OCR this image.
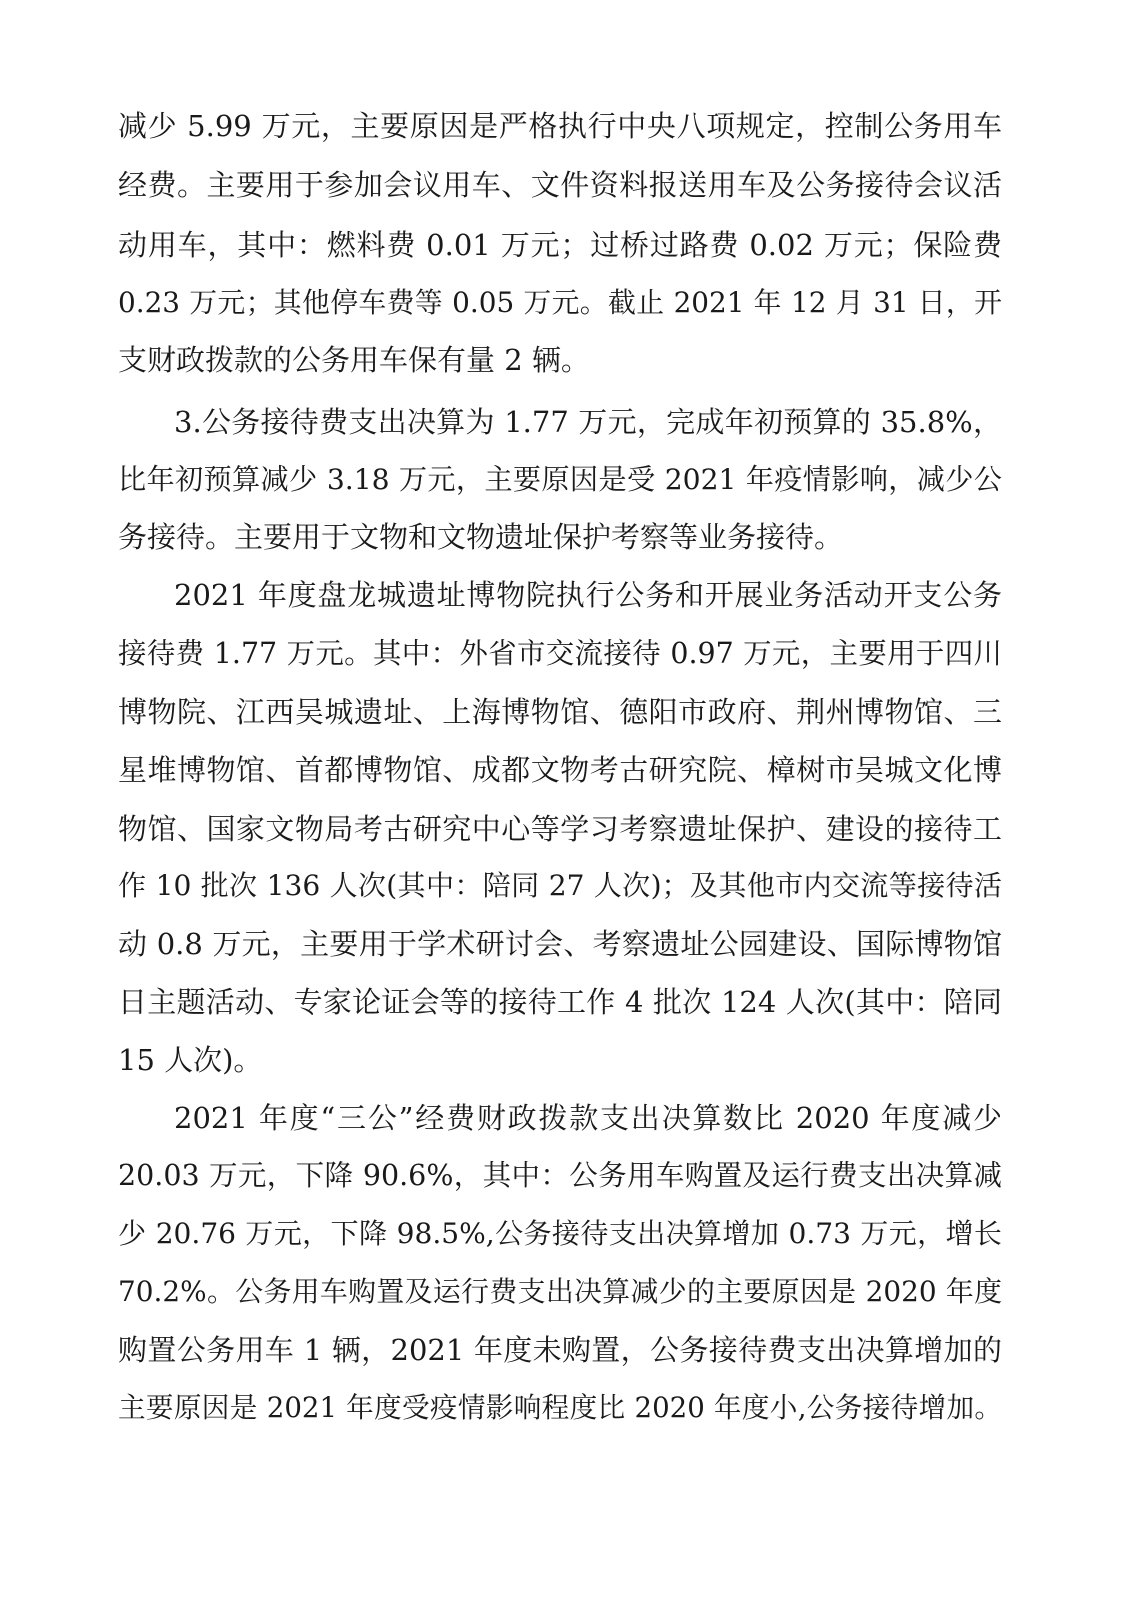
减少 5.99 万元，主要原因是严格执行中央八项规定，控制公务用车
经费。主要用于参加会议用车、文件资料报送用车及公务接待会议活
动用车，其中：燃料费 0.01 万元；过桥过路费 0.02 万元；保险费
0.23 万元；其他停车费等 0.05 万元。截止 2021 年 12 月 31 日，开
支财政拨款的公务用车保有量 2 辆。
3.公务接待费支出决算为 1.77 万元，完成年初预算的 35.8%，
比年初预算减少 3.18 万元，主要原因是受 2021 年疫情影响，减少公
务接待。主要用于文物和文物遗址保护考察等业务接待。
2021 年度盘龙城遗址博物院执行公务和开展业务活动开支公务
接待费 1.77 万元。其中：外省市交流接待 0.97 万元，主要用于四川
博物院、江西吴城遗址、上海博物馆、德阳市政府、荆州博物馆、三
星堆博物馆、首都博物馆、成都文物考古研究院、樟树市吴城文化博
物馆、国家文物局考古研究中心等学习考察遗址保护、建设的接待工
作 10 批次 136 人次(其中：陪同 27 人次)；及其他市内交流等接待活
动 0.8 万元，主要用于学术研讨会、考察遗址公园建设、国际博物馆
日主题活动、专家论证会等的接待工作 4 批次 124 人次(其中：陪同
15 人次)。
2021 年度“三公”经费财政拨款支出决算数比 2020 年度减少
20.03 万元，下降 90.6%，其中：公务用车购置及运行费支出决算减
少 20.76 万元，下降 98.5%,公务接待支出决算增加 0.73 万元，增长
70.2%。公务用车购置及运行费支出决算减少的主要原因是 2020 年度
购置公务用车 1 辆，2021 年度未购置，公务接待费支出决算增加的
主要原因是 2021 年度受疫情影响程度比 2020 年度小,公务接待增加。
